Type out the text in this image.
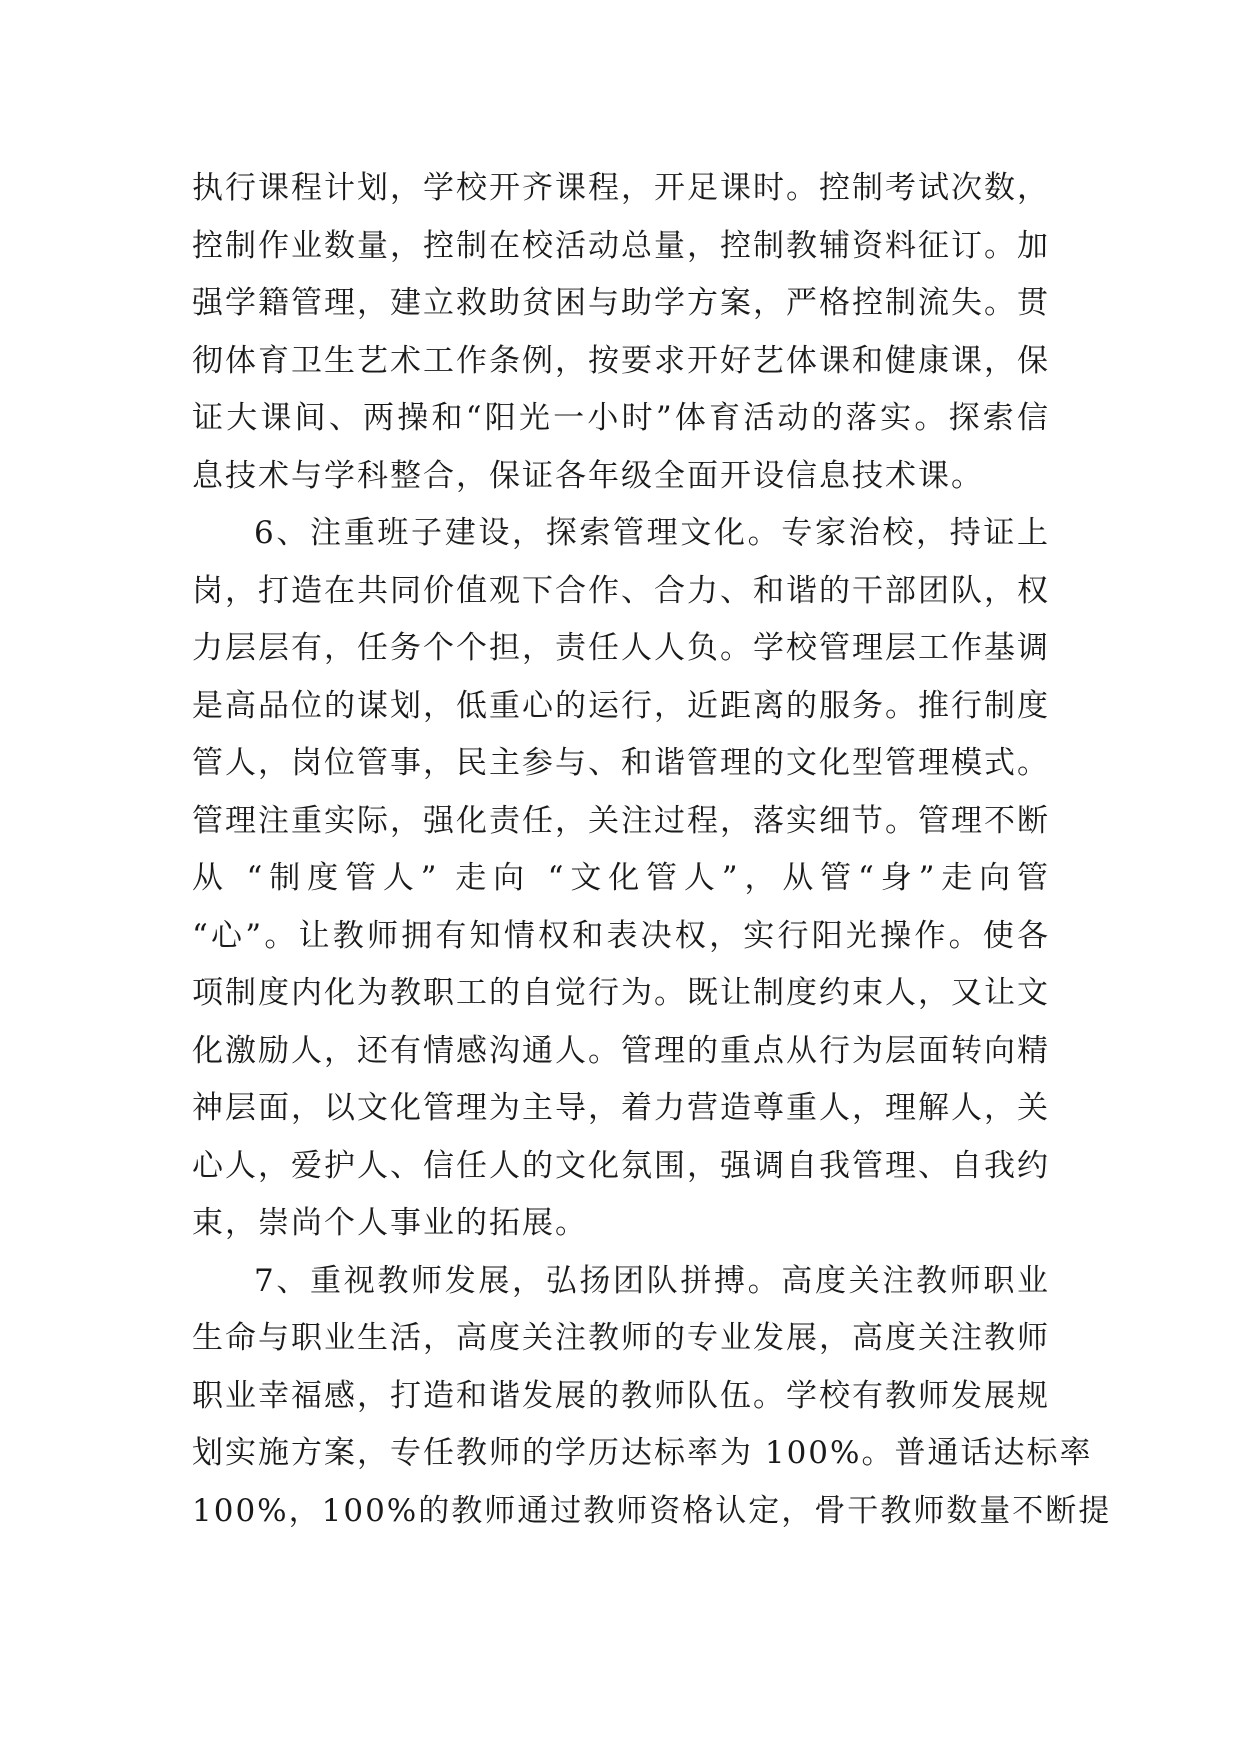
执行课程计划，学校开齐课程，开足课时。控制考试次数，
控制作业数量，控制在校活动总量，控制教辅资料征订。加
强学籍管理，建立救助贫困与助学方案，严格控制流失。贯
彻体育卫生艺术工作条例，按要求开好艺体课和健康课，保
证大课间、两操和“阳光一小时”体育活动的落实。探索信
息技术与学科整合，保证各年级全面开设信息技术课。
6、注重班子建设，探索管理文化。专家治校，持证上
岗，打造在共同价值观下合作、合力、和谐的干部团队，权
力层层有，任务个个担，责任人人负。学校管理层工作基调
是高品位的谋划，低重心的运行，近距离的服务。推行制度
管人，岗位管事，民主参与、和谐管理的文化型管理模式。
管理注重实际，强化责任，关注过程，落实细节。管理不断
从 “制度管人” 走向 “文化管人”，从管“身”走向管
“心”。让教师拥有知情权和表决权，实行阳光操作。使各
项制度内化为教职工的自觉行为。既让制度约束人，又让文
化激励人，还有情感沟通人。管理的重点从行为层面转向精
神层面，以文化管理为主导，着力营造尊重人，理解人，关
心人，爱护人、信任人的文化氛围，强调自我管理、自我约
束，崇尚个人事业的拓展。
7、重视教师发展，弘扬团队拼搏。高度关注教师职业
生命与职业生活，高度关注教师的专业发展，高度关注教师
职业幸福感，打造和谐发展的教师队伍。学校有教师发展规
划实施方案，专任教师的学历达标率为 100%。普通话达标率
100%，100%的教师通过教师资格认定，骨干教师数量不断提
